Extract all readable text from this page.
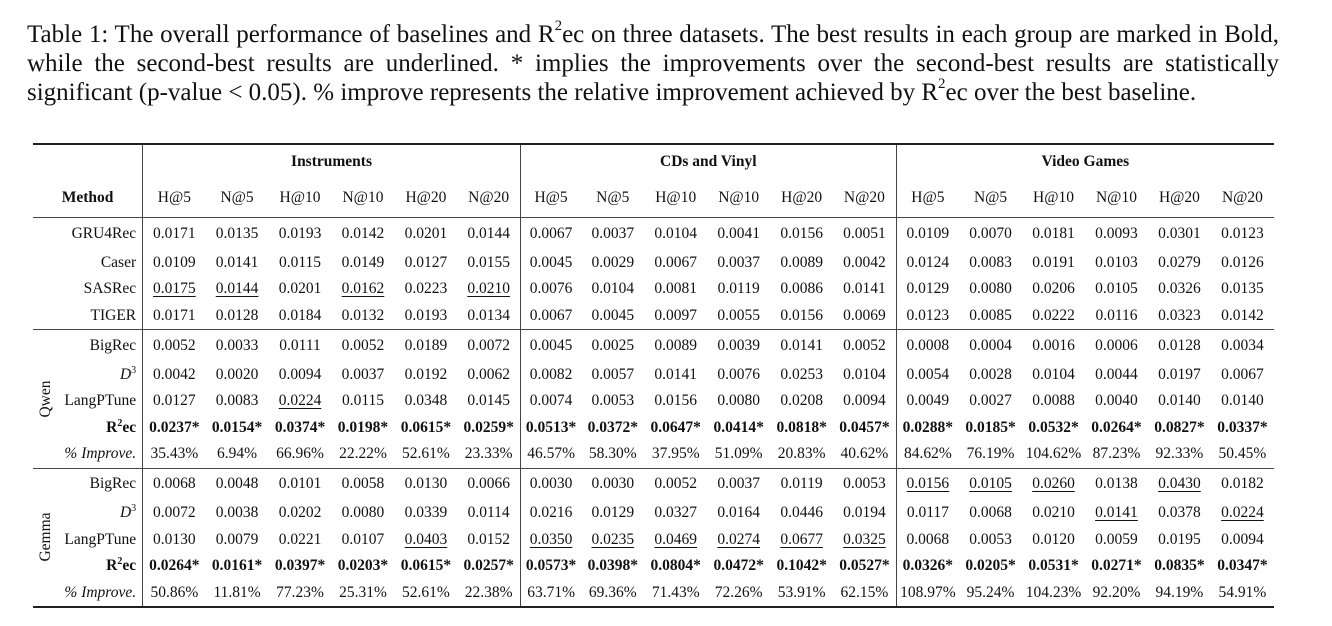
Table 1: The overall performance of baselines and $R^2ec$ on three datasets. The best results in each group are marked in Bold, while the second-best results are underlined. * implies the improvements over the second-best results are statistically significant (p-value < 0.05). % improve represents the relative improvement achieved by $R^2ec$ over the best baseline.
		Instruments						CDs and Vinyl						Video Games					
Method		H@5	N@5	H@10	N@10	H@20	N@20	H@5	N@5	H@10	N@10	H@20	N@20	H@5	N@5	H@10	N@10	H@20	N@20
	GRU4Rec	0.0171	0.0135	0.0193	0.0142	0.0201	0.0144	0.0067	0.0037	0.0104	0.0041	0.0156	0.0051	0.0109	0.0070	0.0181	0.0093	0.0301	0.0123
	Caser	0.0109	0.0141	0.0115	0.0149	0.0127	0.0155	0.0045	0.0029	0.0067	0.0037	0.0089	0.0042	0.0124	0.0083	0.0191	0.0103	0.0279	0.0126
	SASRec	0.0175	0.0144	0.0201	0.0162	0.0223	0.0210	0.0076	0.0104	0.0081	0.0119	0.0086	0.0141	0.0129	0.0080	0.0206	0.0105	0.0326	0.0135
	TIGER	0.0171	0.0128	0.0184	0.0132	0.0193	0.0134	0.0067	0.0045	0.0097	0.0055	0.0156	0.0069	0.0123	0.0085	0.0222	0.0116	0.0323	0.0142

Qwen	BigRec	0.0052	0.0033	0.0111	0.0052	0.0189	0.0072	0.0045	0.0025	0.0089	0.0039	0.0141	0.0052	0.0008	0.0004	0.0016	0.0006	0.0128	0.0034
	$D^3$	0.0042	0.0020	0.0094	0.0037	0.0192	0.0062	0.0082	0.0057	0.0141	0.0076	0.0253	0.0104	0.0054	0.0028	0.0104	0.0044	0.0197	0.0067
	LangPTune	0.0127	0.0083	0.0224	0.0115	0.0348	0.0145	0.0074	0.0053	0.0156	0.0080	0.0208	0.0094	0.0049	0.0027	0.0088	0.0040	0.0140	0.0140
	$R^2ec$	0.0237*	0.0154*	0.0374*	0.0198*	0.0615*	0.0259*	0.0513*	0.0372*	0.0647*	0.0414*	0.0818*	0.0457*	0.0288*	0.0185*	0.0532*	0.0264*	0.0827*	0.0337*
	% Improve.	35.43%	6.94%	66.96%	22.22%	52.61%	23.33%	46.57%	58.30%	37.95%	51.09%	20.83%	40.62%	84.62%	76.19%	104.62%	87.23%	92.33%	50.45%

Gemma	BigRec	0.0068	0.0048	0.0101	0.0058	0.0130	0.0066	0.0030	0.0030	0.0052	0.0037	0.0119	0.0053	0.0156	0.0105	0.0260	0.0138	0.0430	0.0182
	$D^3$	0.0072	0.0038	0.0202	0.0080	0.0339	0.0114	0.0216	0.0129	0.0327	0.0164	0.0446	0.0194	0.0117	0.0068	0.0210	0.0141	0.0378	0.0224
	LangPTune	0.0130	0.0079	0.0221	0.0107	0.0403	0.0152	0.0350	0.0235	0.0469	0.0274	0.0677	0.0325	0.0068	0.0053	0.0120	0.0059	0.0195	0.0094
	$R^2ec$	0.0264*	0.0161*	0.0397*	0.0203*	0.0615*	0.0257*	0.0573*	0.0398*	0.0804*	0.0472*	0.1042*	0.0527*	0.0326*	0.0205*	0.0531*	0.0271*	0.0835*	0.0347*
	% Improve.	50.86%	11.81%	77.23%	25.31%	52.61%	22.38%	63.71%	69.36%	71.43%	72.26%	53.91%	62.15%	108.97%	95.24%	104.23%	92.20%	94.19%	54.91%
